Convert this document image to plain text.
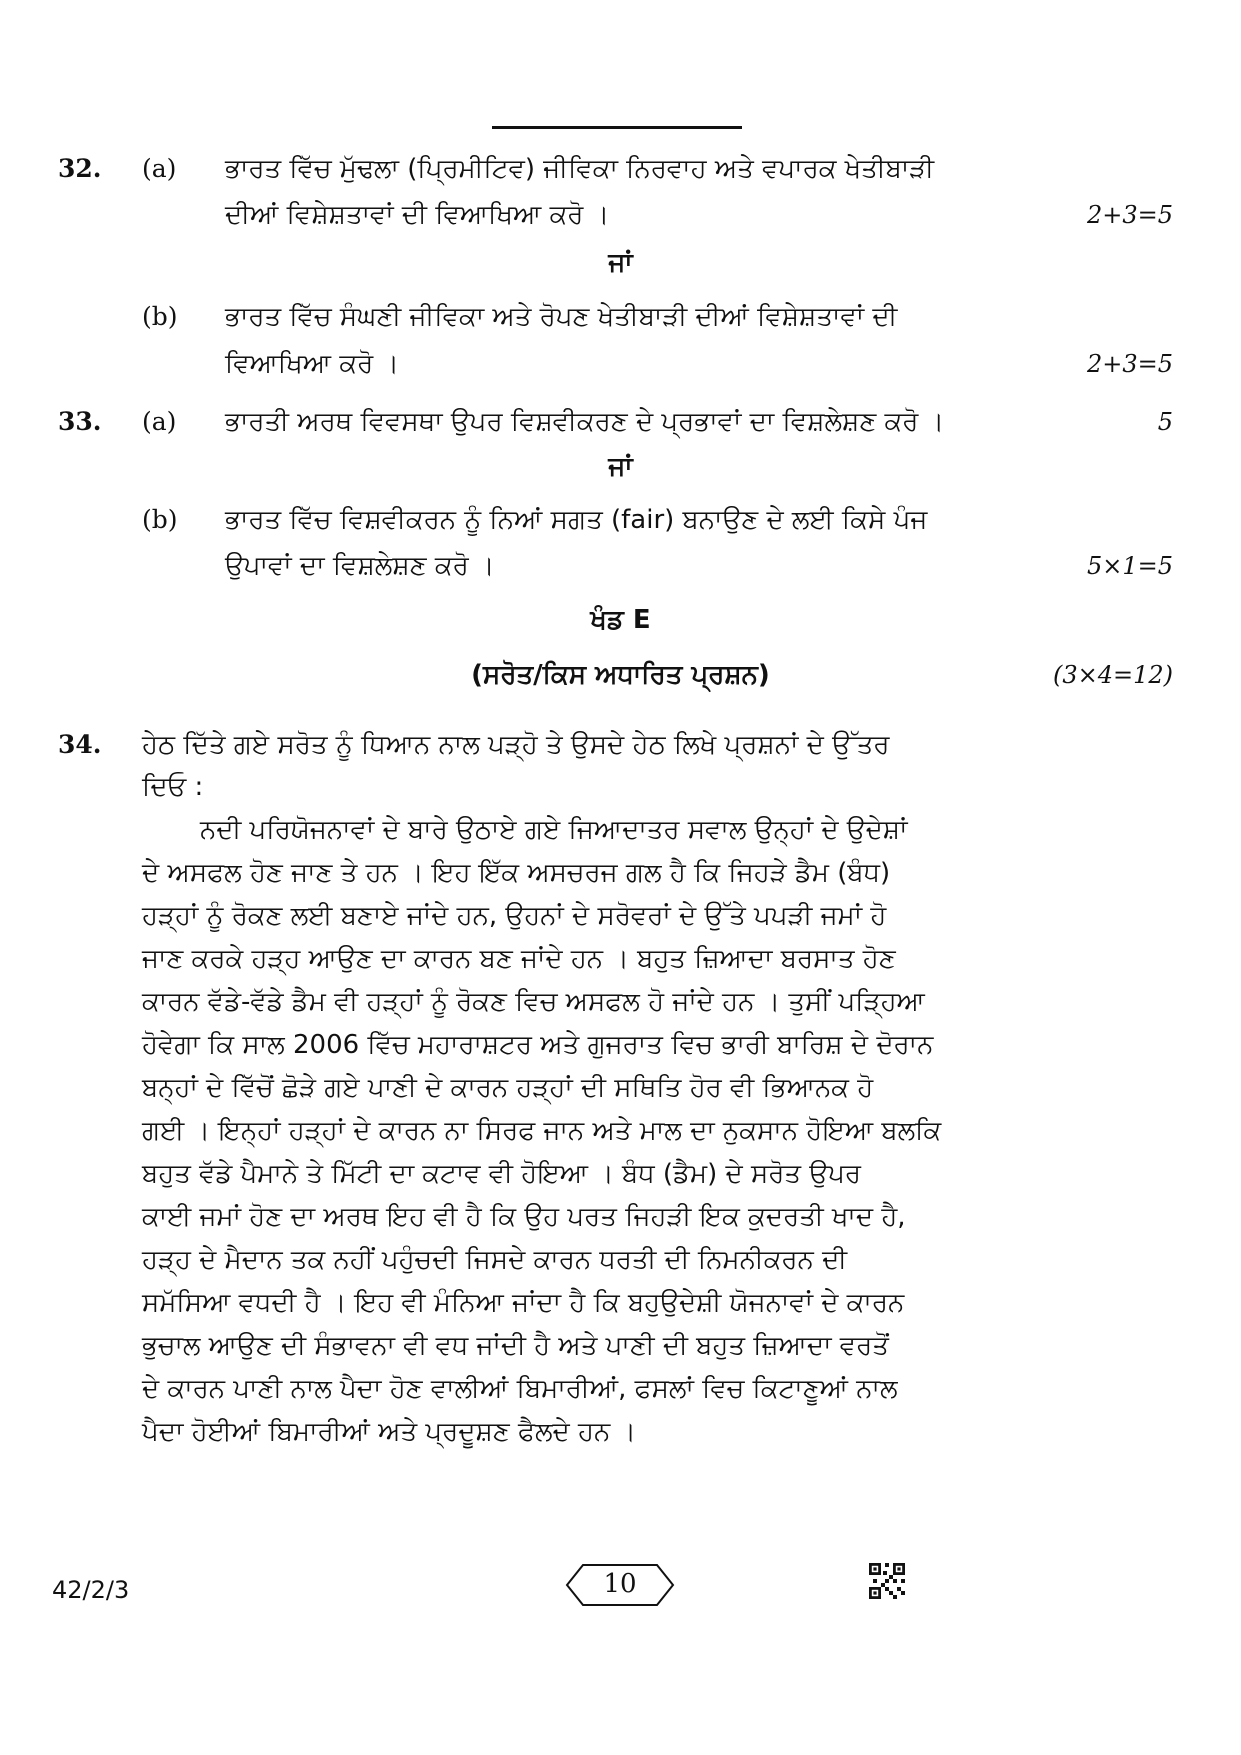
32. (a) ਭਾਰਤ ਵਿੱਚ ਮੁੱਢਲਾ (ਪ੍ਰਿਮੀਟਿਵ) ਜੀਵਿਕਾ ਨਿਰਵਾਹ ਅਤੇ ਵਪਾਰਕ ਖੇਤੀਬਾੜੀ
ਦੀਆਂ ਵਿਸ਼ੇਸ਼ਤਾਵਾਂ ਦੀ ਵਿਆਖਿਆ ਕਰੋ ।	2+3=5
ਜਾਂ
(b) ਭਾਰਤ ਵਿੱਚ ਸੰਘਣੀ ਜੀਵਿਕਾ ਅਤੇ ਰੋਪਣ ਖੇਤੀਬਾੜੀ ਦੀਆਂ ਵਿਸ਼ੇਸ਼ਤਾਵਾਂ ਦੀ
ਵਿਆਖਿਆ ਕਰੋ ।	2+3=5
33. (a) ਭਾਰਤੀ ਅਰਥ ਵਿਵਸਥਾ ਉਪਰ ਵਿਸ਼ਵੀਕਰਣ ਦੇ ਪ੍ਰਭਾਵਾਂ ਦਾ ਵਿਸ਼ਲੇਸ਼ਣ ਕਰੋ ।	5
ਜਾਂ
(b) ਭਾਰਤ ਵਿੱਚ ਵਿਸ਼ਵੀਕਰਨ ਨੂੰ ਨਿਆਂ ਸਗਤ (fair) ਬਨਾਉਣ ਦੇ ਲਈ ਕਿਸੇ ਪੰਜ
ਉਪਾਵਾਂ ਦਾ ਵਿਸ਼ਲੇਸ਼ਣ ਕਰੋ ।	5×1=5
ਖੰਡ E
(ਸਰੋਤ/ਕਿਸ ਅਧਾਰਿਤ ਪ੍ਰਸ਼ਨ)	(3×4=12)
34. ਹੇਠ ਦਿੱਤੇ ਗਏ ਸਰੋਤ ਨੂੰ ਧਿਆਨ ਨਾਲ ਪੜ੍ਹੋ ਤੇ ਉਸਦੇ ਹੇਠ ਲਿਖੇ ਪ੍ਰਸ਼ਨਾਂ ਦੇ ਉੱਤਰ
ਦਿਓ :
ਨਦੀ ਪਰਿਯੋਜਨਾਵਾਂ ਦੇ ਬਾਰੇ ਉਠਾਏ ਗਏ ਜਿਆਦਾਤਰ ਸਵਾਲ ਉਨ੍ਹਾਂ ਦੇ ਉਦੇਸ਼ਾਂ
ਦੇ ਅਸਫਲ ਹੋਣ ਜਾਣ ਤੇ ਹਨ । ਇਹ ਇੱਕ ਅਸਚਰਜ ਗਲ ਹੈ ਕਿ ਜਿਹੜੇ ਡੈਮ (ਬੰਧ)
ਹੜ੍ਹਾਂ ਨੂੰ ਰੋਕਣ ਲਈ ਬਣਾਏ ਜਾਂਦੇ ਹਨ, ਉਹਨਾਂ ਦੇ ਸਰੋਵਰਾਂ ਦੇ ਉੱਤੇ ਪਪੜੀ ਜਮਾਂ ਹੋ
ਜਾਣ ਕਰਕੇ ਹੜ੍ਹ ਆਉਣ ਦਾ ਕਾਰਨ ਬਣ ਜਾਂਦੇ ਹਨ । ਬਹੁਤ ਜ਼ਿਆਦਾ ਬਰਸਾਤ ਹੋਣ
ਕਾਰਨ ਵੱਡੇ-ਵੱਡੇ ਡੈਮ ਵੀ ਹੜ੍ਹਾਂ ਨੂੰ ਰੋਕਣ ਵਿਚ ਅਸਫਲ ਹੋ ਜਾਂਦੇ ਹਨ । ਤੁਸੀਂ ਪੜ੍ਹਿਆ
ਹੋਵੇਗਾ ਕਿ ਸਾਲ 2006 ਵਿੱਚ ਮਹਾਰਾਸ਼ਟਰ ਅਤੇ ਗੁਜਰਾਤ ਵਿਚ ਭਾਰੀ ਬਾਰਿਸ਼ ਦੇ ਦੋਰਾਨ
ਬਨ੍ਹਾਂ ਦੇ ਵਿੱਚੋਂ ਛੋੜੇ ਗਏ ਪਾਣੀ ਦੇ ਕਾਰਨ ਹੜ੍ਹਾਂ ਦੀ ਸਥਿਤਿ ਹੋਰ ਵੀ ਭਿਆਨਕ ਹੋ
ਗਈ । ਇਨ੍ਹਾਂ ਹੜ੍ਹਾਂ ਦੇ ਕਾਰਨ ਨਾ ਸਿਰਫ ਜਾਨ ਅਤੇ ਮਾਲ ਦਾ ਨੁਕਸਾਨ ਹੋਇਆ ਬਲਕਿ
ਬਹੁਤ ਵੱਡੇ ਪੈਮਾਨੇ ਤੇ ਮਿੱਟੀ ਦਾ ਕਟਾਵ ਵੀ ਹੋਇਆ । ਬੰਧ (ਡੈਮ) ਦੇ ਸਰੋਤ ਉਪਰ
ਕਾਈ ਜਮਾਂ ਹੋਣ ਦਾ ਅਰਥ ਇਹ ਵੀ ਹੈ ਕਿ ਉਹ ਪਰਤ ਜਿਹੜੀ ਇਕ ਕੁਦਰਤੀ ਖਾਦ ਹੈ,
ਹੜ੍ਹ ਦੇ ਮੈਦਾਨ ਤਕ ਨਹੀਂ ਪਹੁੰਚਦੀ ਜਿਸਦੇ ਕਾਰਨ ਧਰਤੀ ਦੀ ਨਿਮਨੀਕਰਨ ਦੀ
ਸਮੱਸਿਆ ਵਧਦੀ ਹੈ । ਇਹ ਵੀ ਮੰਨਿਆ ਜਾਂਦਾ ਹੈ ਕਿ ਬਹੁਉਦੇਸ਼ੀ ਯੋਜਨਾਵਾਂ ਦੇ ਕਾਰਨ
ਭੁਚਾਲ ਆਉਣ ਦੀ ਸੰਭਾਵਨਾ ਵੀ ਵਧ ਜਾਂਦੀ ਹੈ ਅਤੇ ਪਾਣੀ ਦੀ ਬਹੁਤ ਜ਼ਿਆਦਾ ਵਰਤੋਂ
ਦੇ ਕਾਰਨ ਪਾਣੀ ਨਾਲ ਪੈਦਾ ਹੋਣ ਵਾਲੀਆਂ ਬਿਮਾਰੀਆਂ, ਫਸਲਾਂ ਵਿਚ ਕਿਟਾਣੂਆਂ ਨਾਲ
ਪੈਦਾ ਹੋਈਆਂ ਬਿਮਾਰੀਆਂ ਅਤੇ ਪ੍ਰਦੂਸ਼ਣ ਫੈਲਦੇ ਹਨ ।
42/2/3	10
